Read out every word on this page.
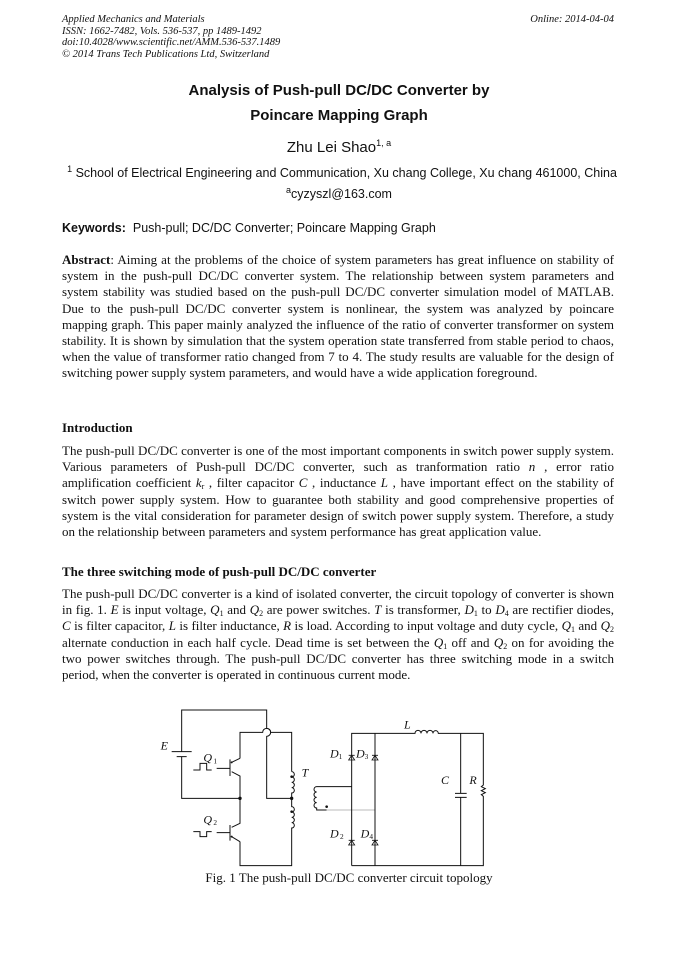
Applied Mechanics and Materials
ISSN: 1662-7482, Vols. 536-537, pp 1489-1492
doi:10.4028/www.scientific.net/AMM.536-537.1489
© 2014 Trans Tech Publications Ltd, Switzerland
Online: 2014-04-04
Analysis of Push-pull DC/DC Converter by
Poincare Mapping Graph
Zhu Lei Shao$^{1, a}$
$^1$ School of Electrical Engineering and Communication, Xu chang College, Xu chang 461000, China
$^a$cyzyszl@163.com
Keywords: Push-pull; DC/DC Converter; Poincare Mapping Graph
Abstract: Aiming at the problems of the choice of system parameters has great influence on stability of system in the push-pull DC/DC converter system. The relationship between system parameters and system stability was studied based on the push-pull DC/DC converter simulation model of MATLAB. Due to the push-pull DC/DC converter system is nonlinear, the system was analyzed by poincare mapping graph. This paper mainly analyzed the influence of the ratio of converter transformer on system stability. It is shown by simulation that the system operation state transferred from stable period to chaos, when the value of transformer ratio changed from 7 to 4. The study results are valuable for the design of switching power supply system parameters, and would have a wide application foreground.
Introduction
The push-pull DC/DC converter is one of the most important components in switch power supply system. Various parameters of Push-pull DC/DC converter, such as tranformation ratio n , error ratio amplification coefficient $k_r$ , filter capacitor C , inductance L , have important effect on the stability of switch power supply system. How to guarantee both stability and good comprehensive properties of system is the vital consideration for parameter design of switch power supply system. Therefore, a study on the relationship between parameters and system performance has great application value.
The three switching mode of push-pull DC/DC converter
The push-pull DC/DC converter is a kind of isolated converter, the circuit topology of converter is shown in fig. 1. E is input voltage, $Q_1$ and $Q_2$ are power switches. T is transformer, $D_1$ to $D_4$ are rectifier diodes, C is filter capacitor, L is filter inductance, R is load. According to input voltage and duty cycle, $Q_1$ and $Q_2$ alternate conduction in each half cycle. Dead time is set between the $Q_1$ off and $Q_2$ on for avoiding the two power switches through. The push-pull DC/DC converter has three switching mode in a switch period, when the converter is operated in continuous current mode.
E
Q1
Q2
T
L
D1 D3
D2 D4
C R
Fig. 1 The push-pull DC/DC converter circuit topology
